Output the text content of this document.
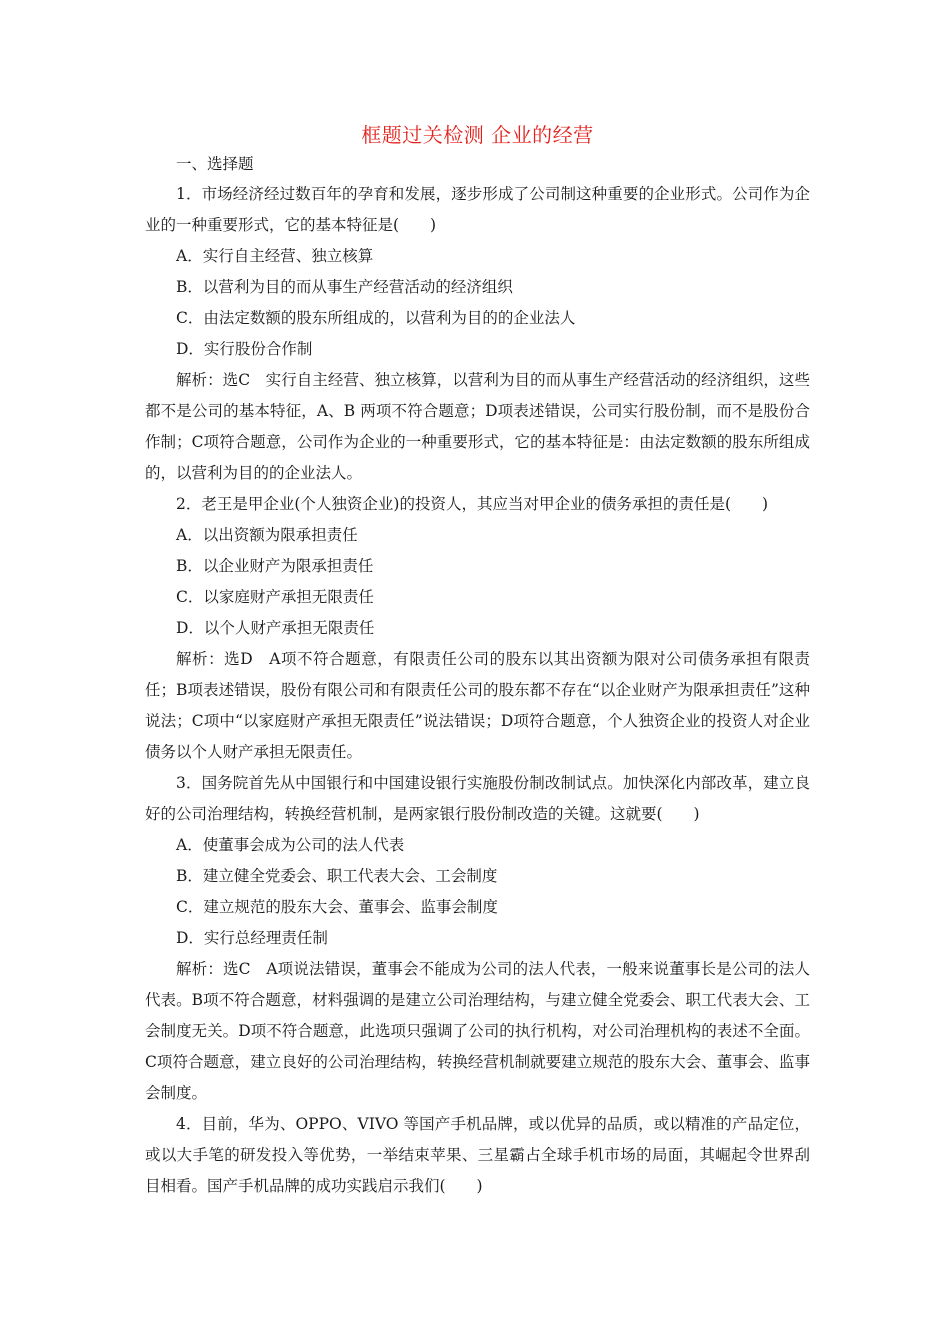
框题过关检测 企业的经营

一、选择题

1．市场经济经过数百年的孕育和发展，逐步形成了公司制这种重要的企业形式。公司作为企业的一种重要形式，它的基本特征是(　　)

A．实行自主经营、独立核算

B．以营利为目的而从事生产经营活动的经济组织

C．由法定数额的股东所组成的，以营利为目的的企业法人

D．实行股份合作制

解析：选C　实行自主经营、独立核算，以营利为目的而从事生产经营活动的经济组织，这些都不是公司的基本特征，A、B 两项不符合题意；D项表述错误，公司实行股份制，而不是股份合作制；C项符合题意，公司作为企业的一种重要形式，它的基本特征是：由法定数额的股东所组成的，以营利为目的的企业法人。

2．老王是甲企业(个人独资企业)的投资人，其应当对甲企业的债务承担的责任是(　　)

A．以出资额为限承担责任

B．以企业财产为限承担责任

C．以家庭财产承担无限责任

D．以个人财产承担无限责任

解析：选D　A项不符合题意，有限责任公司的股东以其出资额为限对公司债务承担有限责任；B项表述错误，股份有限公司和有限责任公司的股东都不存在“以企业财产为限承担责任”这种说法；C项中“以家庭财产承担无限责任”说法错误；D项符合题意，个人独资企业的投资人对企业债务以个人财产承担无限责任。

3．国务院首先从中国银行和中国建设银行实施股份制改制试点。加快深化内部改革，建立良好的公司治理结构，转换经营机制，是两家银行股份制改造的关键。这就要(　　)

A．使董事会成为公司的法人代表

B．建立健全党委会、职工代表大会、工会制度

C．建立规范的股东大会、董事会、监事会制度

D．实行总经理责任制

解析：选C　A项说法错误，董事会不能成为公司的法人代表，一般来说董事长是公司的法人代表。B项不符合题意，材料强调的是建立公司治理结构，与建立健全党委会、职工代表大会、工会制度无关。D项不符合题意，此选项只强调了公司的执行机构，对公司治理机构的表述不全面。C项符合题意，建立良好的公司治理结构，转换经营机制就要建立规范的股东大会、董事会、监事会制度。

4．目前，华为、OPPO、VIVO 等国产手机品牌，或以优异的品质，或以精准的产品定位，或以大手笔的研发投入等优势，一举结束苹果、三星霸占全球手机市场的局面，其崛起令世界刮目相看。国产手机品牌的成功实践启示我们(　　)
